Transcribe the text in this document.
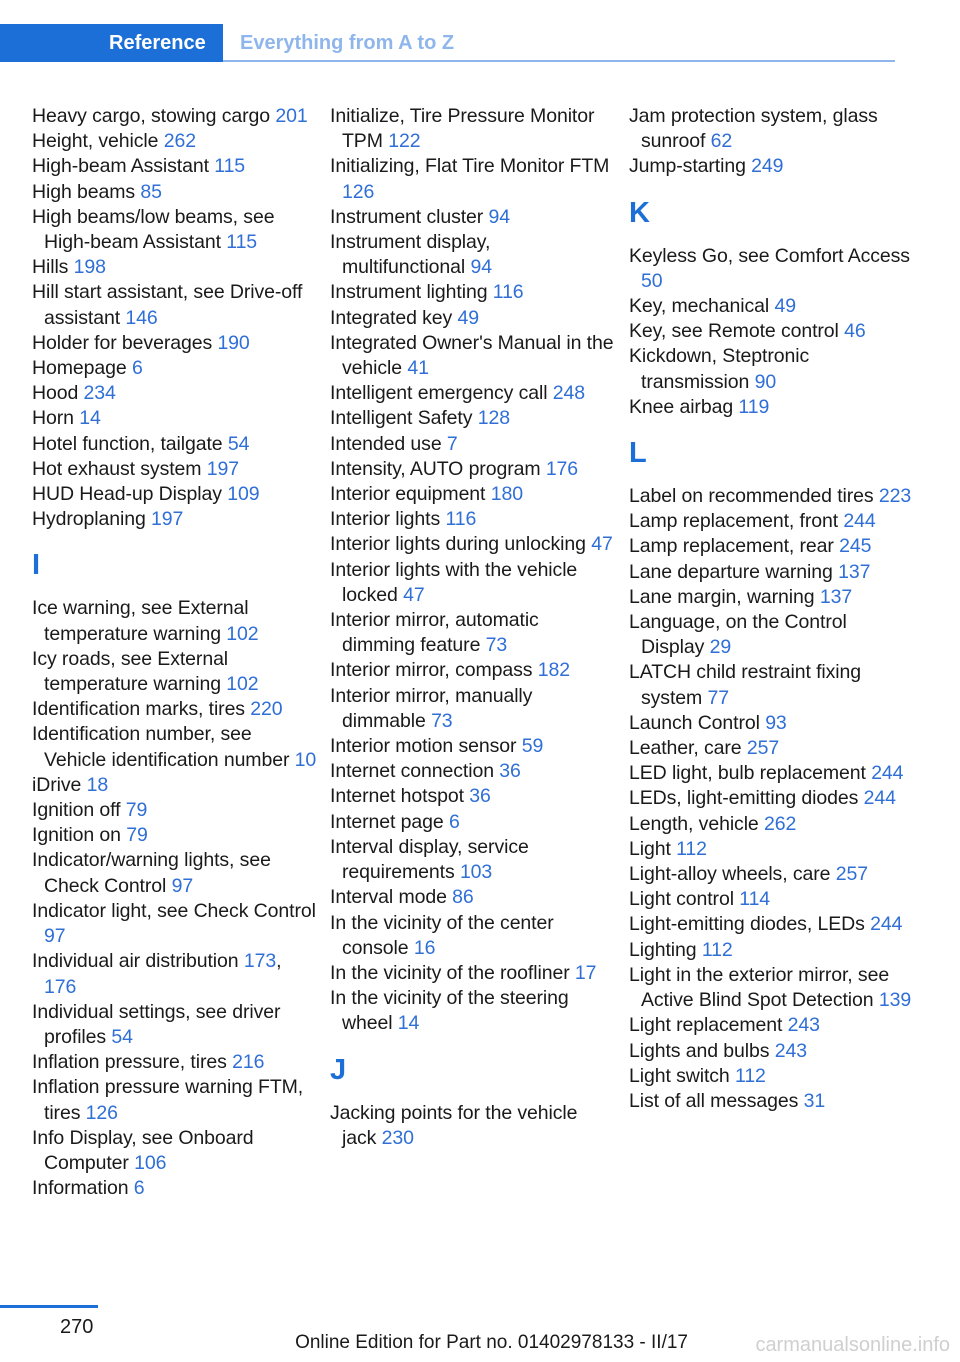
Reference	Everything from A to Z
Heavy cargo, stowing cargo 201
Height, vehicle 262
High-beam Assistant 115
High beams 85
High beams/low beams, see High-beam Assistant 115
Hills 198
Hill start assistant, see Drive-off assistant 146
Holder for beverages 190
Homepage 6
Hood 234
Horn 14
Hotel function, tailgate 54
Hot exhaust system 197
HUD Head-up Display 109
Hydroplaning 197
I
Ice warning, see External temperature warning 102
Icy roads, see External temperature warning 102
Identification marks, tires 220
Identification number, see Vehicle identification number 10
iDrive 18
Ignition off 79
Ignition on 79
Indicator/warning lights, see Check Control 97
Indicator light, see Check Control 97
Individual air distribution 173, 176
Individual settings, see driver profiles 54
Inflation pressure, tires 216
Inflation pressure warning FTM, tires 126
Info Display, see Onboard Computer 106
Information 6
Initialize, Tire Pressure Monitor TPM 122
Initializing, Flat Tire Monitor FTM 126
Instrument cluster 94
Instrument display, multifunctional 94
Instrument lighting 116
Integrated key 49
Integrated Owner's Manual in the vehicle 41
Intelligent emergency call 248
Intelligent Safety 128
Intended use 7
Intensity, AUTO program 176
Interior equipment 180
Interior lights 116
Interior lights during unlocking 47
Interior lights with the vehicle locked 47
Interior mirror, automatic dimming feature 73
Interior mirror, compass 182
Interior mirror, manually dimmable 73
Interior motion sensor 59
Internet connection 36
Internet hotspot 36
Internet page 6
Interval display, service requirements 103
Interval mode 86
In the vicinity of the center console 16
In the vicinity of the roofliner 17
In the vicinity of the steering wheel 14
J
Jacking points for the vehicle jack 230
Jam protection system, glass sunroof 62
Jump-starting 249
K
Keyless Go, see Comfort Access 50
Key, mechanical 49
Key, see Remote control 46
Kickdown, Steptronic transmission 90
Knee airbag 119
L
Label on recommended tires 223
Lamp replacement, front 244
Lamp replacement, rear 245
Lane departure warning 137
Lane margin, warning 137
Language, on the Control Display 29
LATCH child restraint fixing system 77
Launch Control 93
Leather, care 257
LED light, bulb replacement 244
LEDs, light-emitting diodes 244
Length, vehicle 262
Light 112
Light-alloy wheels, care 257
Light control 114
Light-emitting diodes, LEDs 244
Lighting 112
Light in the exterior mirror, see Active Blind Spot Detection 139
Light replacement 243
Lights and bulbs 243
Light switch 112
List of all messages 31
270
Online Edition for Part no. 01402978133 - II/17	carmanualsonline.info
